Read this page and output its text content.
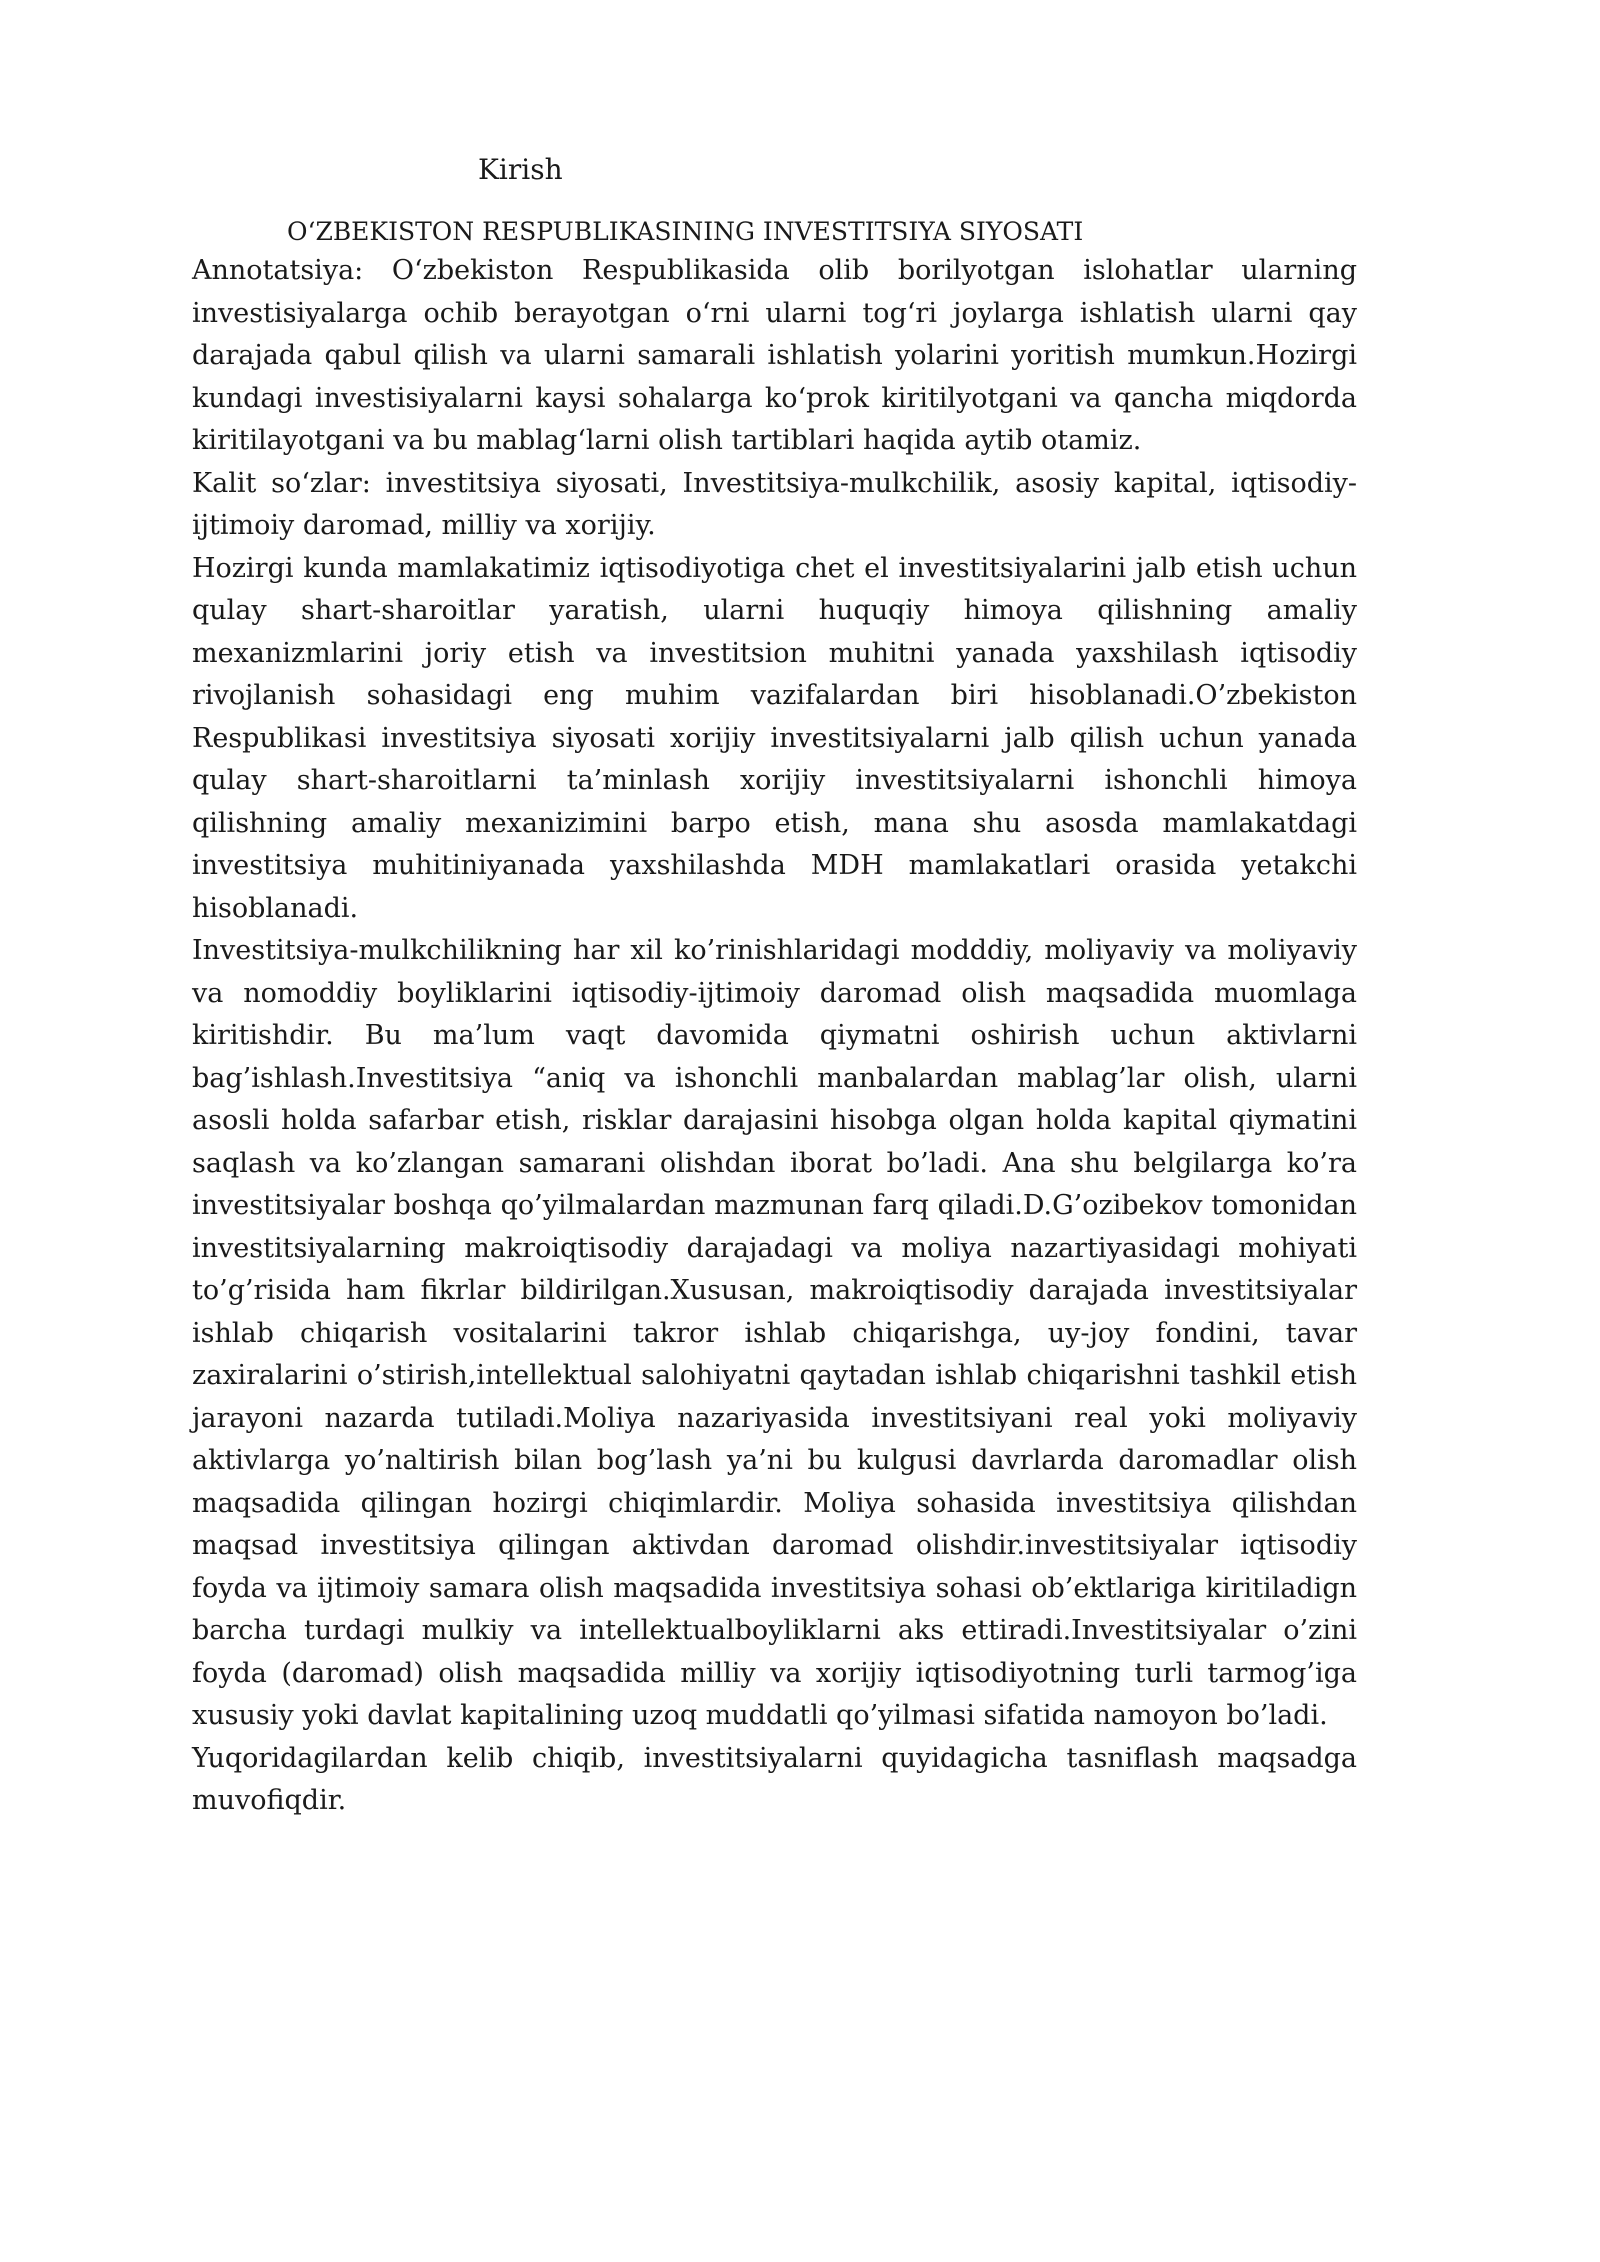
Kirish
O‘ZBEKISTON RESPUBLIKASINING INVESTITSIYA SIYOSATI

Annotatsiya: O‘zbekiston Respublikasida olib borilyotgan islohatlar ularning investisiyalarga ochib berayotgan o‘rni ularni tog‘ri joylarga ishlatish ularni qay darajada qabul qilish va ularni samarali ishlatish yolarini yoritish mumkun.Hozirgi kundagi investisiyalarni kaysi sohalarga ko‘prok kiritilyotgani va qancha miqdorda kiritilayotgani va bu mablag‘larni olish tartiblari haqida aytib otamiz.

Kalit so‘zlar: investitsiya siyosati, Investitsiya-mulkchilik, asosiy kapital, iqtisodiy-ijtimoiy daromad, milliy va xorijiy.

Hozirgi kunda mamlakatimiz iqtisodiyotiga chet el investitsiyalarini jalb etish uchun qulay shart-sharoitlar yaratish, ularni huquqiy himoya qilishning amaliy mexanizmlarini joriy etish va investitsion muhitni yanada yaxshilash iqtisodiy rivojlanish sohasidagi eng muhim vazifalardan biri hisoblanadi.O’zbekiston Respublikasi investitsiya siyosati xorijiy investitsiyalarni jalb qilish uchun yanada qulay shart-sharoitlarni ta’minlash xorijiy investitsiyalarni ishonchli himoya qilishning amaliy mexanizimini barpo etish, mana shu asosda mamlakatdagi investitsiya muhitiniyanada yaxshilashda MDH mamlakatlari orasida yetakchi hisoblanadi.

Investitsiya-mulkchilikning har xil ko’rinishlaridagi modddiy, moliyaviy va moliyaviy va nomoddiy boyliklarini iqtisodiy-ijtimoiy daromad olish maqsadida muomlaga kiritishdir. Bu ma’lum vaqt davomida qiymatni oshirish uchun aktivlarni bag’ishlash.Investitsiya “aniq va ishonchli manbalardan mablag’lar olish, ularni asosli holda safarbar etish, risklar darajasini hisobga olgan holda kapital qiymatini saqlash va ko’zlangan samarani olishdan iborat bo’ladi. Ana shu belgilarga ko’ra investitsiyalar boshqa qo’yilmalardan mazmunan farq qiladi.D.G’ozibekov tomonidan investitsiyalarning makroiqtisodiy darajadagi va moliya nazartiyasidagi mohiyati to’g’risida ham fikrlar bildirilgan.Xususan, makroiqtisodiy darajada investitsiyalar ishlab chiqarish vositalarini takror ishlab chiqarishga, uy-joy fondini, tavar zaxiralarini o’stirish,intellektual salohiyatni qaytadan ishlab chiqarishni tashkil etish jarayoni nazarda tutiladi.Moliya nazariyasida investitsiyani real yoki moliyaviy aktivlarga yo’naltirish bilan bog’lash ya’ni bu kulgusi davrlarda daromadlar olish maqsadida qilingan hozirgi chiqimlardir. Moliya sohasida investitsiya qilishdan maqsad investitsiya qilingan aktivdan daromad olishdir.investitsiyalar iqtisodiy foyda va ijtimoiy samara olish maqsadida investitsiya sohasi ob’ektlariga kiritiladign barcha turdagi mulkiy va intellektualboyliklarni aks ettiradi.Investitsiyalar o’zini foyda (daromad) olish maqsadida milliy va xorijiy iqtisodiyotning turli tarmog’iga xususiy yoki davlat kapitalining uzoq muddatli qo’yilmasi sifatida namoyon bo’ladi.

Yuqoridagilardan kelib chiqib, investitsiyalarni quyidagicha tasniflash maqsadga muvofiqdir.
